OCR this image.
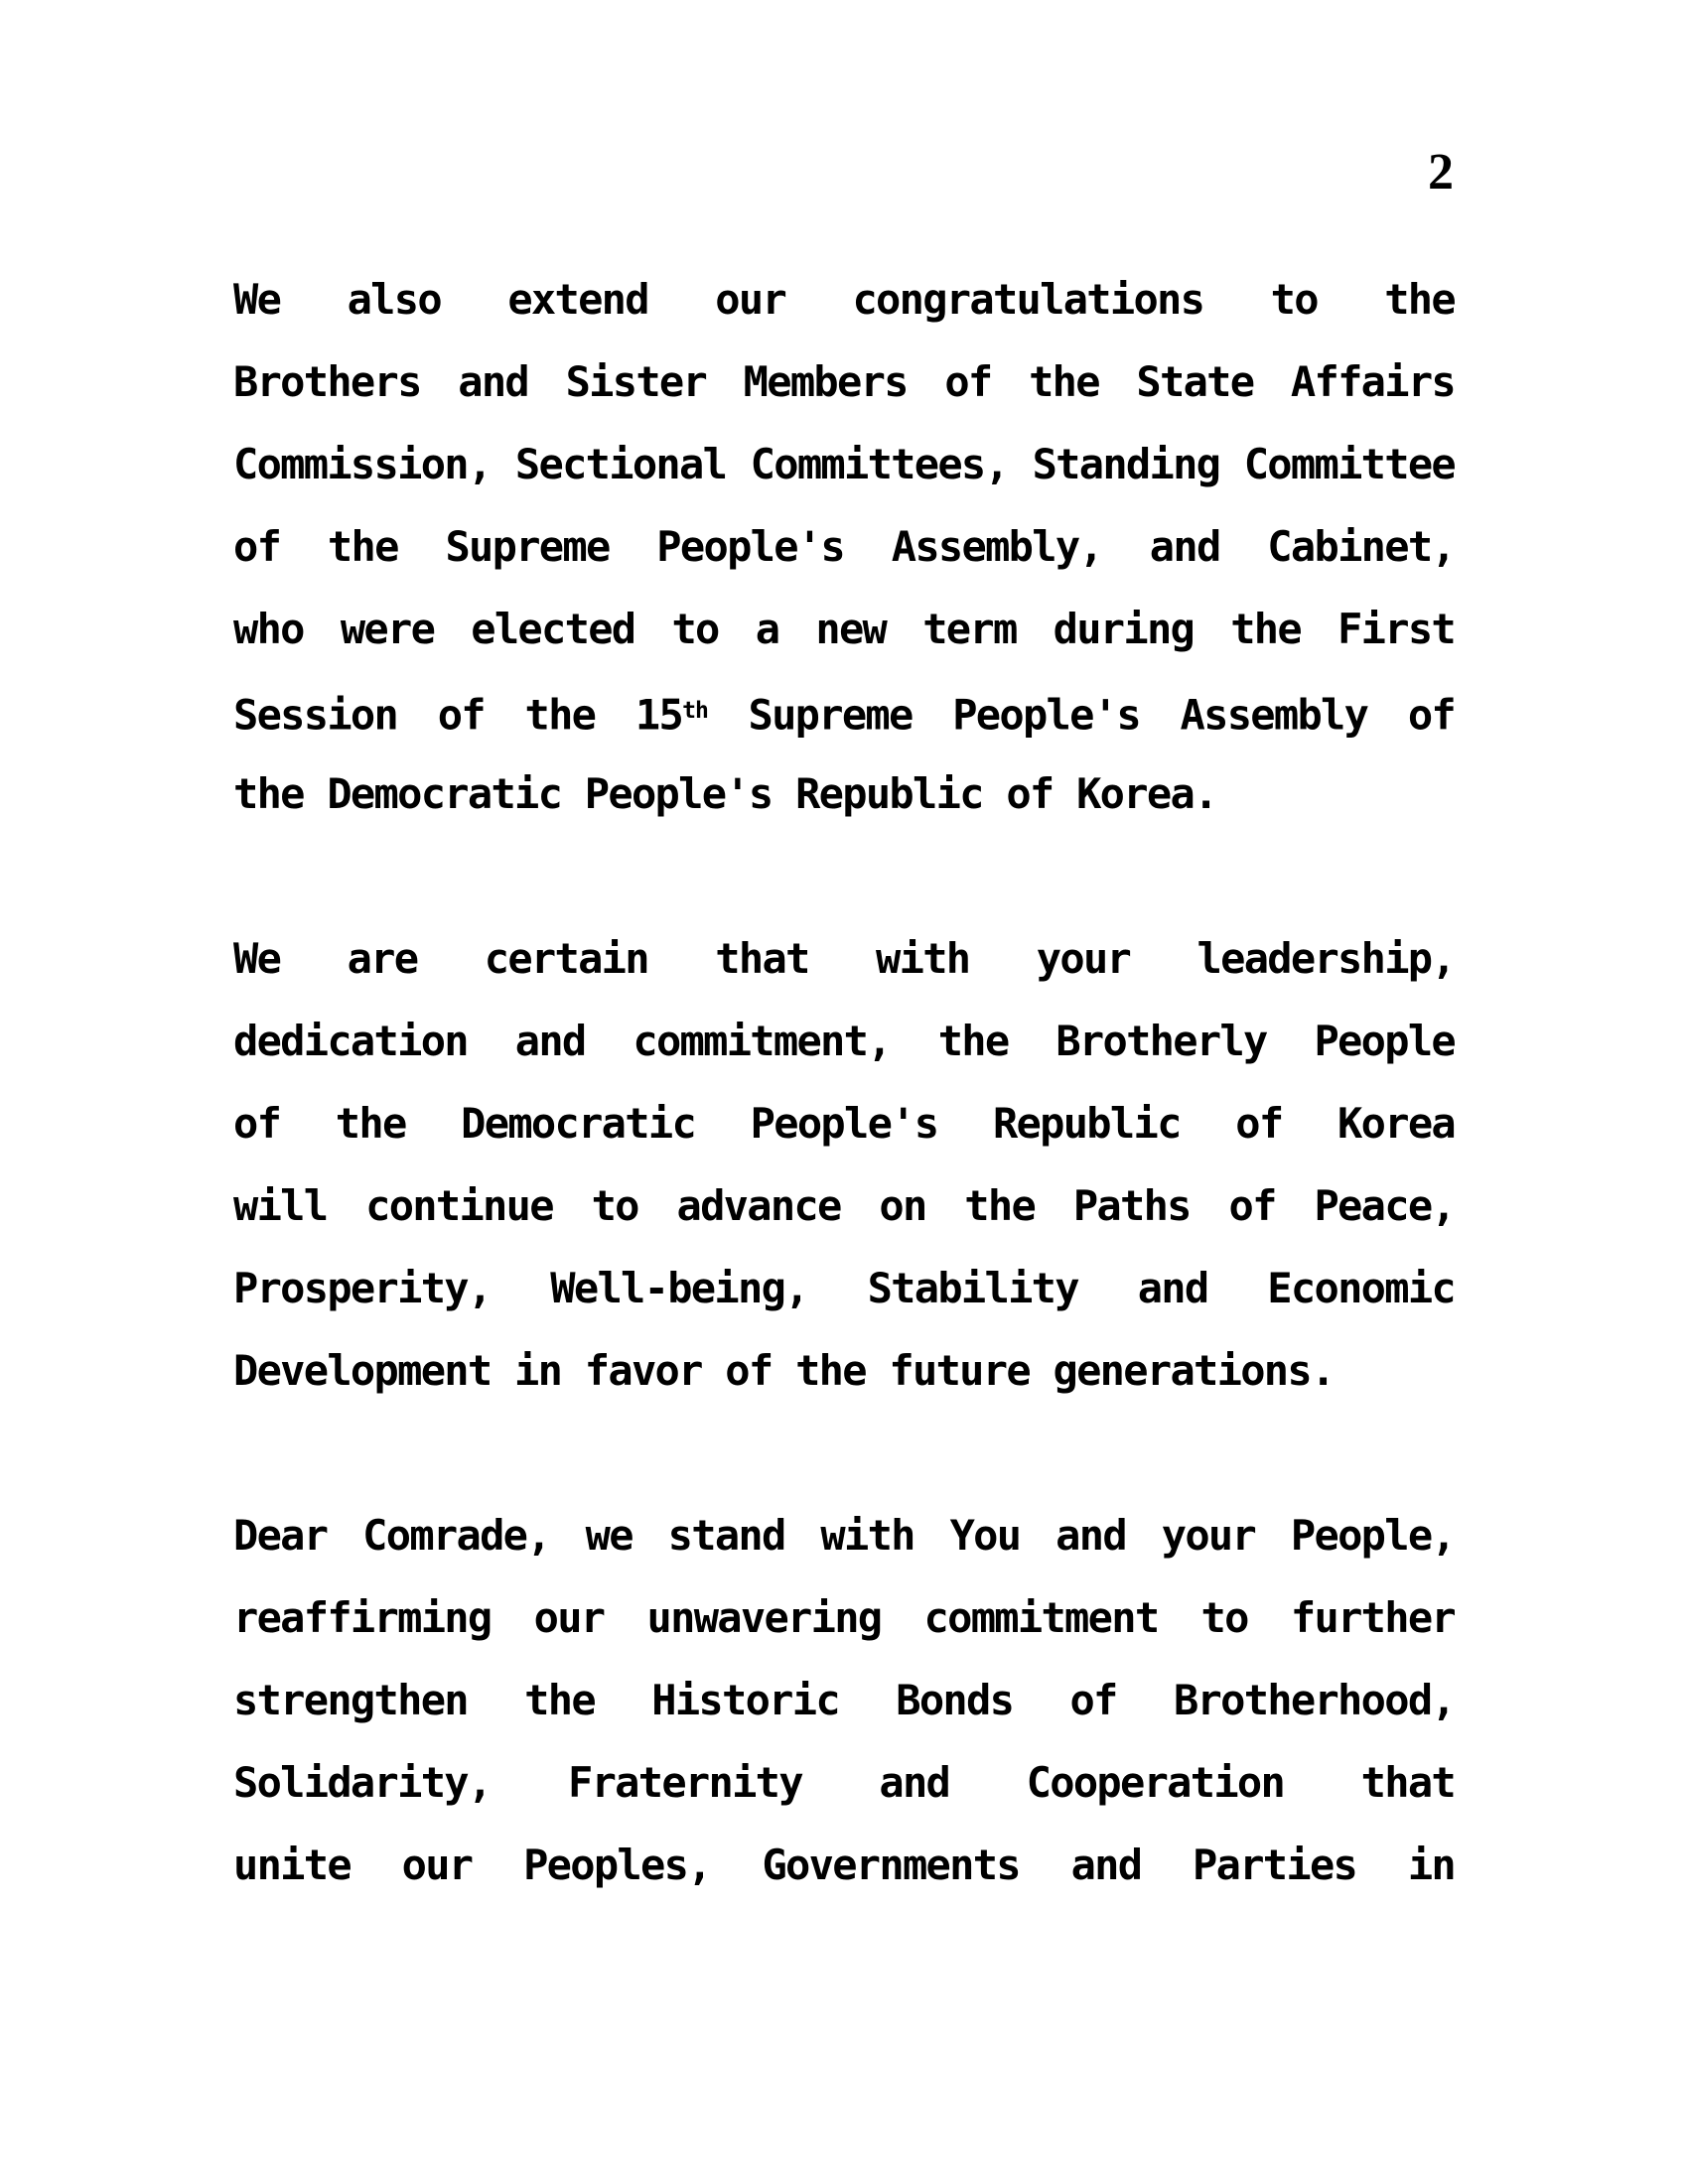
2
We also extend our congratulations to the
Brothers and Sister Members of the State Affairs
Commission, Sectional Committees, Standing Committee
of the Supreme People's Assembly, and Cabinet,
who were elected to a new term during the First
Session of the 15th Supreme People's Assembly of
the Democratic People's Republic of Korea.
We are certain that with your leadership,
dedication and commitment, the Brotherly People
of the Democratic People's Republic of Korea
will continue to advance on the Paths of Peace,
Prosperity, Well-being, Stability and Economic
Development in favor of the future generations.
Dear Comrade, we stand with You and your People,
reaffirming our unwavering commitment to further
strengthen the Historic Bonds of Brotherhood,
Solidarity, Fraternity and Cooperation that
unite our Peoples, Governments and Parties in
